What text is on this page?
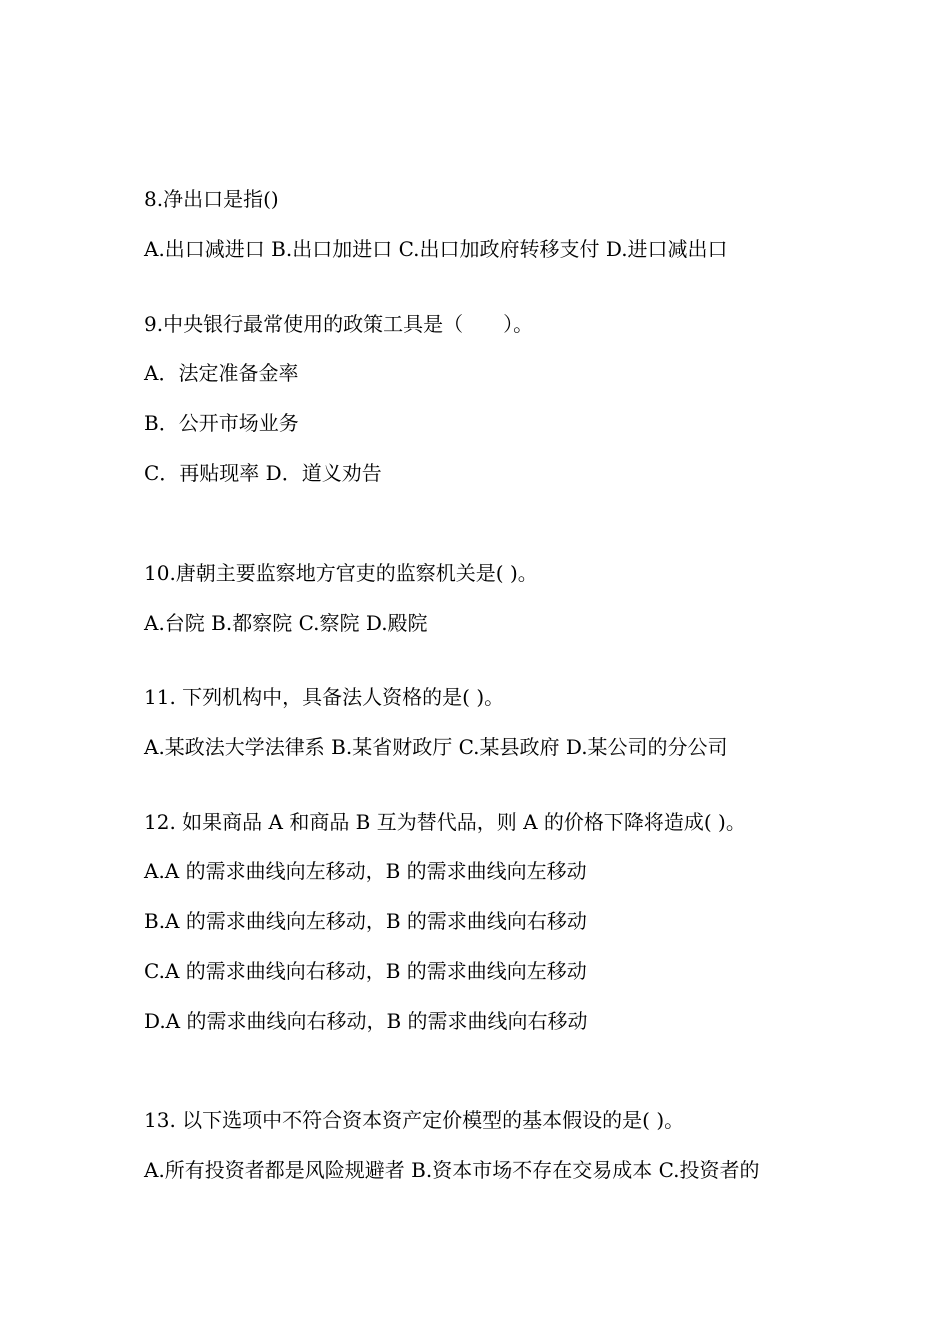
8.净出口是指()
A.出口减进口 B.出口加进口 C.出口加政府转移支付 D.进口减出口
9.中央银行最常使用的政策工具是（　　）。
A．法定准备金率
B．公开市场业务
C．再贴现率 D．道义劝告
10.唐朝主要监察地方官吏的监察机关是( )。
A.台院 B.都察院 C.察院 D.殿院
11. 下列机构中，具备法人资格的是( )。
A.某政法大学法律系 B.某省财政厅 C.某县政府 D.某公司的分公司
12. 如果商品 A 和商品 B 互为替代品，则 A 的价格下降将造成( )。
A.A 的需求曲线向左移动，B 的需求曲线向左移动
B.A 的需求曲线向左移动，B 的需求曲线向右移动
C.A 的需求曲线向右移动，B 的需求曲线向左移动
D.A 的需求曲线向右移动，B 的需求曲线向右移动
13. 以下选项中不符合资本资产定价模型的基本假设的是( )。
A.所有投资者都是风险规避者 B.资本市场不存在交易成本 C.投资者的
